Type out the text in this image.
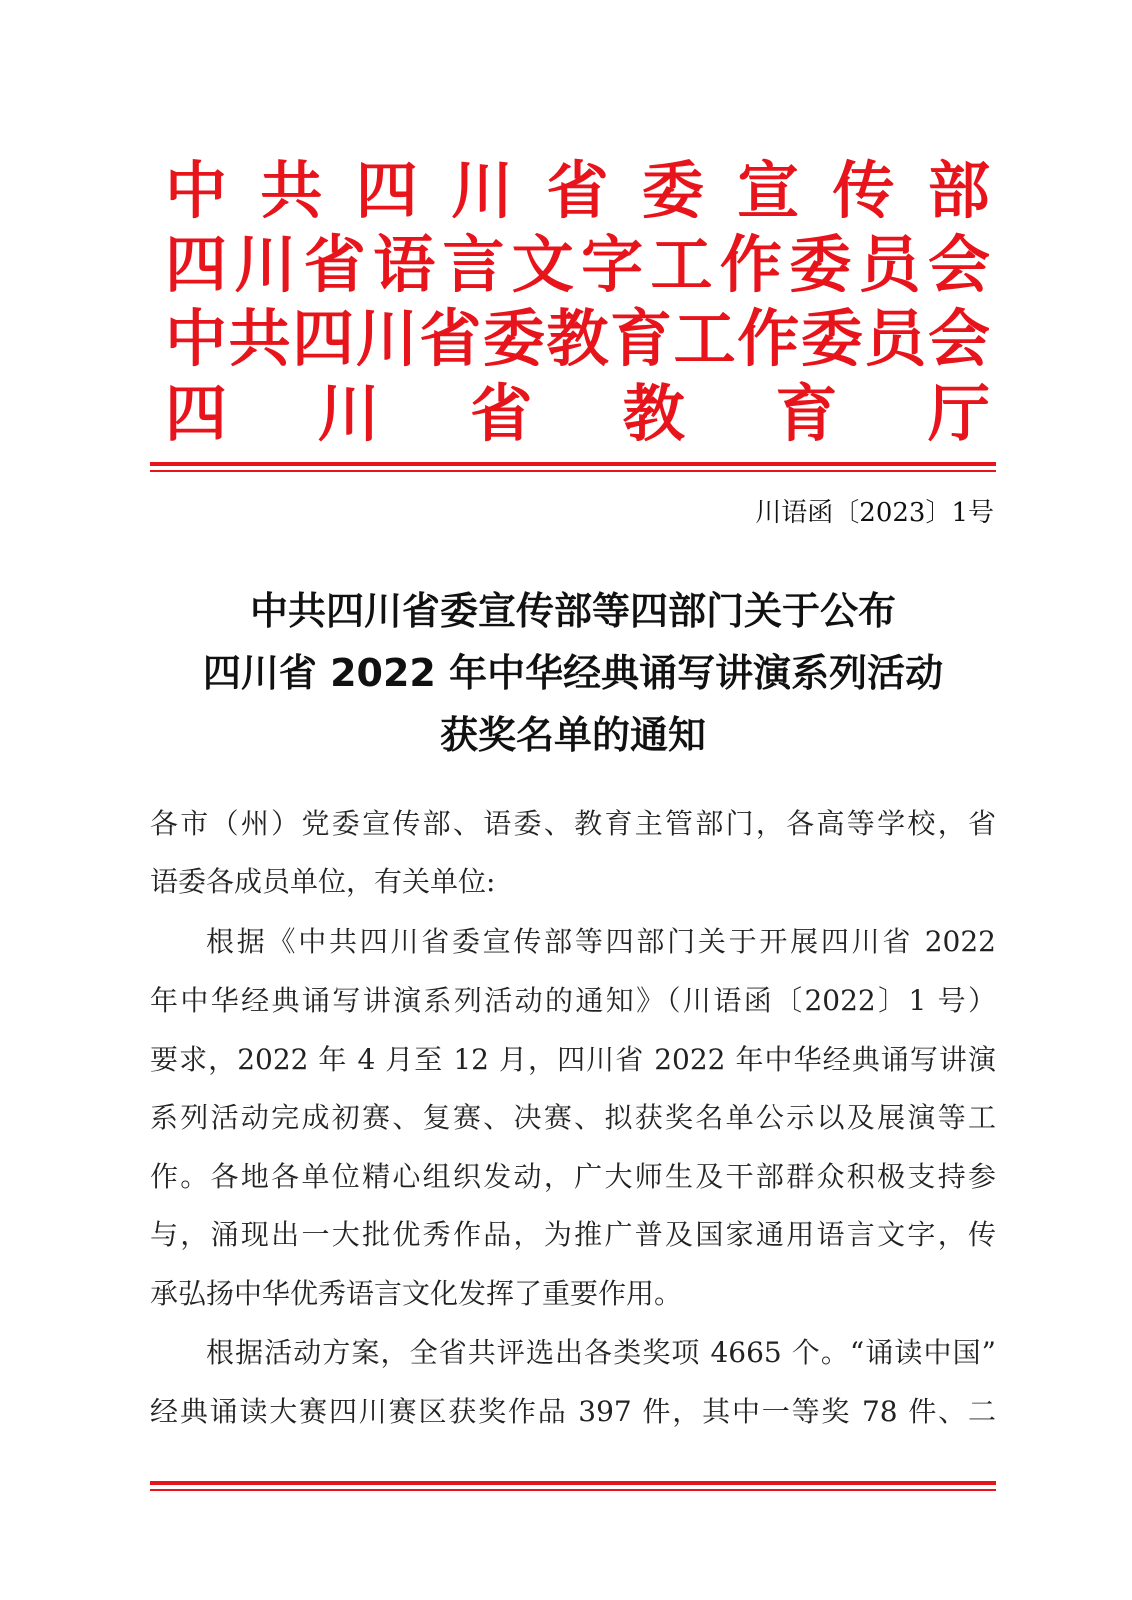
中 共 四 川 省 委 宣 传 部
四 川 省 语 言 文 字 工 作 委 员 会
中 共 四 川 省 委 教 育 工 作 委 员 会
四 川 省 教 育 厅
川语函〔2023〕1号
中共四川省委宣传部等四部门关于公布
四川省 2022 年中华经典诵写讲演系列活动
获奖名单的通知
各市（州）党委宣传部、语委、教育主管部门，各高等学校，省
语委各成员单位，有关单位:
根据《中共四川省委宣传部等四部门关于开展四川省 2022
年中华经典诵写讲演系列活动的通知》（川语函〔2022〕1 号）
要求，2022 年 4 月至 12 月，四川省 2022 年中华经典诵写讲演
系列活动完成初赛、复赛、决赛、拟获奖名单公示以及展演等工
作。各地各单位精心组织发动，广大师生及干部群众积极支持参
与，涌现出一大批优秀作品，为推广普及国家通用语言文字，传
承弘扬中华优秀语言文化发挥了重要作用。
根据活动方案，全省共评选出各类奖项 4665 个。“诵读中国”
经典诵读大赛四川赛区获奖作品 397 件，其中一等奖 78 件、二
